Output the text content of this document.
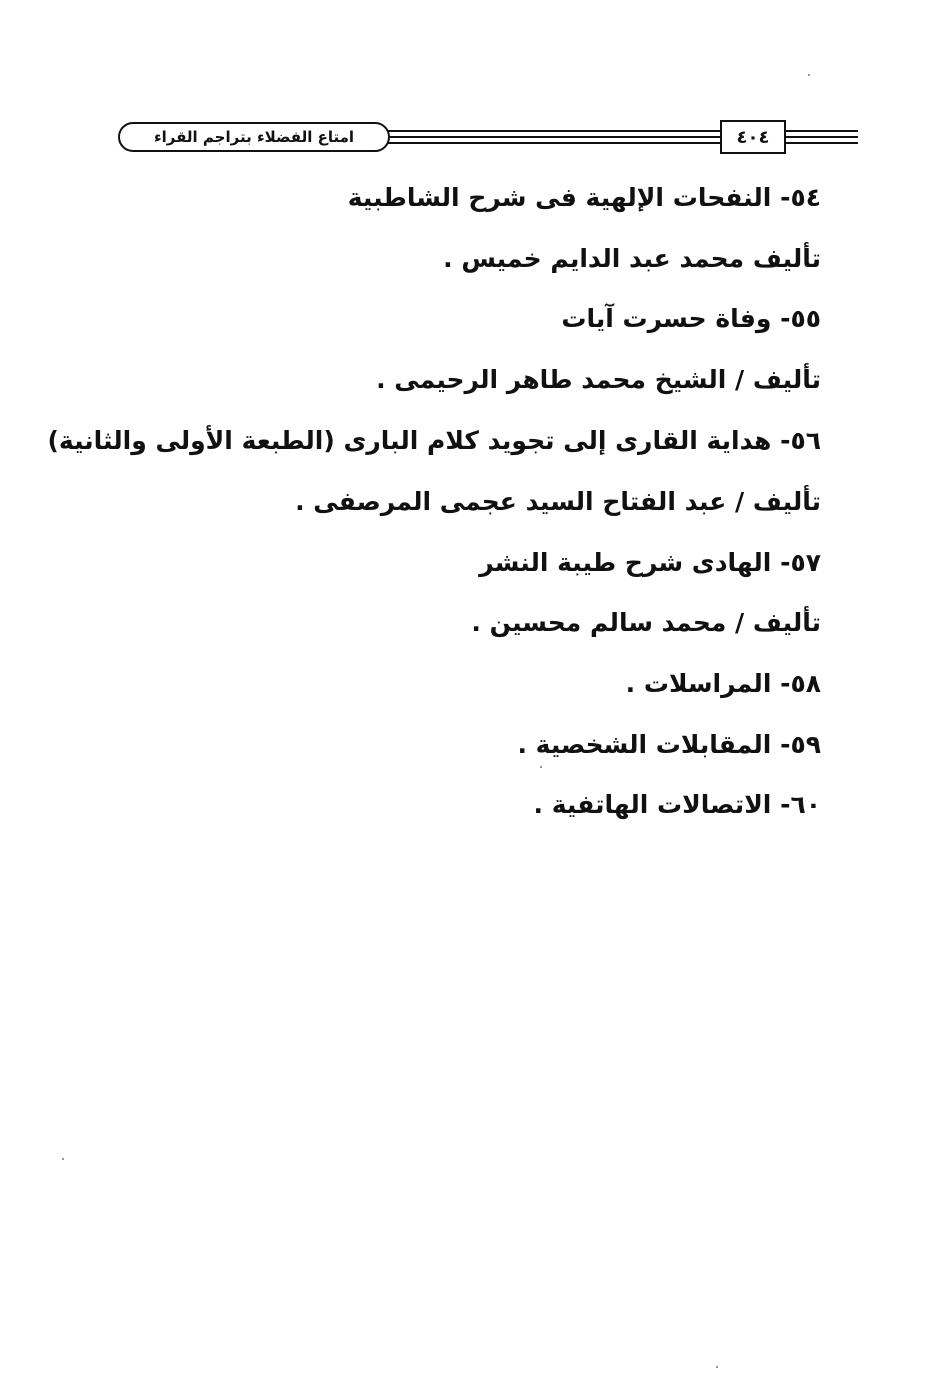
امتاع الفضلاء بتراجم القراء	٤٠٤
٥٤- النفحات الإلهية فى شرح الشاطبية
تأليف محمد عبد الدايم خميس .
٥٥- وفاة حسرت آيات
تأليف / الشيخ محمد طاهر الرحيمى .
٥٦- هداية القارى إلى تجويد كلام البارى (الطبعة الأولى والثانية)
تأليف / عبد الفتاح السيد عجمى المرصفى .
٥٧- الهادى شرح طيبة النشر
تأليف / محمد سالم محسين .
٥٨- المراسلات .
٥٩- المقابلات الشخصية .
٦٠- الاتصالات الهاتفية .
